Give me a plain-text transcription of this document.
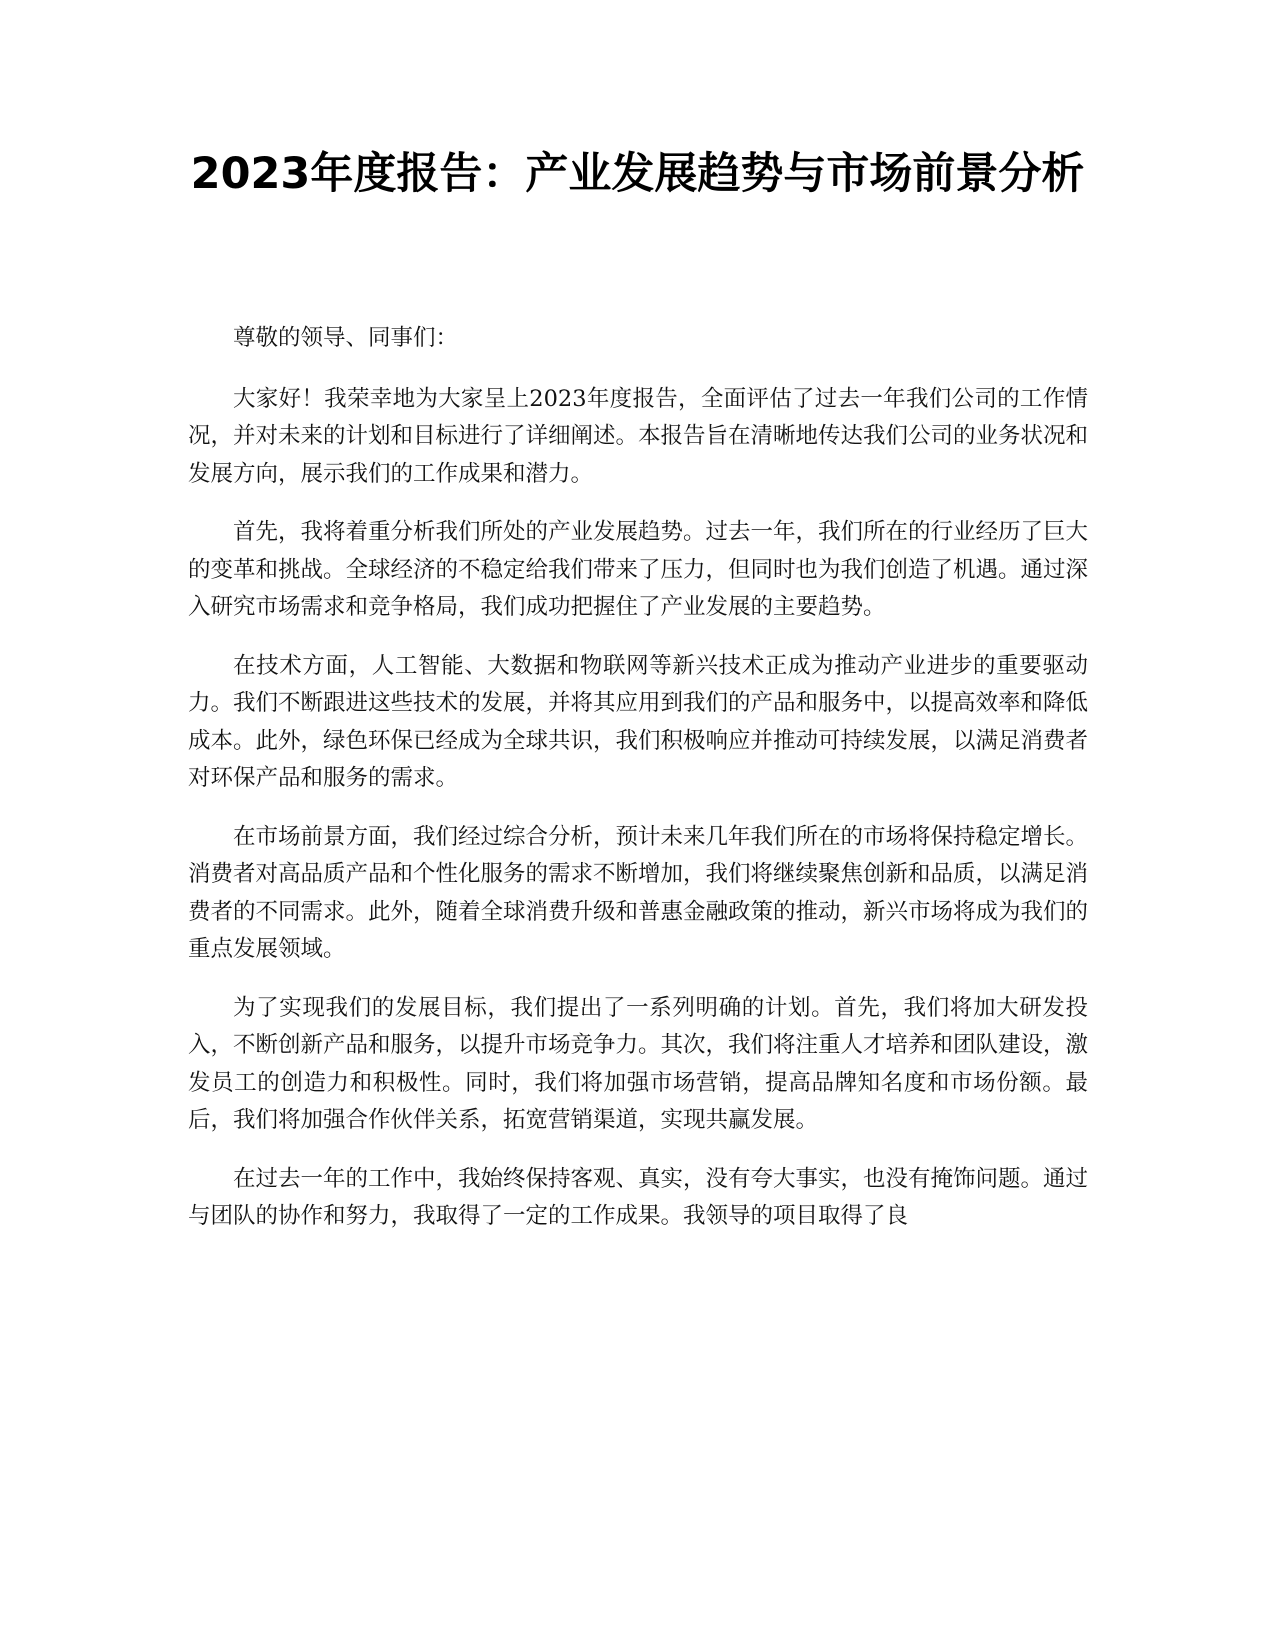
2023年度报告：产业发展趋势与市场前景分析

尊敬的领导、同事们：

大家好！我荣幸地为大家呈上2023年度报告，全面评估了过去一年我们公司的工作情况，并对未来的计划和目标进行了详细阐述。本报告旨在清晰地传达我们公司的业务状况和发展方向，展示我们的工作成果和潜力。

首先，我将着重分析我们所处的产业发展趋势。过去一年，我们所在的行业经历了巨大的变革和挑战。全球经济的不稳定给我们带来了压力，但同时也为我们创造了机遇。通过深入研究市场需求和竞争格局，我们成功把握住了产业发展的主要趋势。

在技术方面，人工智能、大数据和物联网等新兴技术正成为推动产业进步的重要驱动力。我们不断跟进这些技术的发展，并将其应用到我们的产品和服务中，以提高效率和降低成本。此外，绿色环保已经成为全球共识，我们积极响应并推动可持续发展，以满足消费者对环保产品和服务的需求。

在市场前景方面，我们经过综合分析，预计未来几年我们所在的市场将保持稳定增长。消费者对高品质产品和个性化服务的需求不断增加，我们将继续聚焦创新和品质，以满足消费者的不同需求。此外，随着全球消费升级和普惠金融政策的推动，新兴市场将成为我们的重点发展领域。

为了实现我们的发展目标，我们提出了一系列明确的计划。首先，我们将加大研发投入，不断创新产品和服务，以提升市场竞争力。其次，我们将注重人才培养和团队建设，激发员工的创造力和积极性。同时，我们将加强市场营销，提高品牌知名度和市场份额。最后，我们将加强合作伙伴关系，拓宽营销渠道，实现共赢发展。

在过去一年的工作中，我始终保持客观、真实，没有夸大事实，也没有掩饰问题。通过与团队的协作和努力，我取得了一定的工作成果。我领导的项目取得了良
